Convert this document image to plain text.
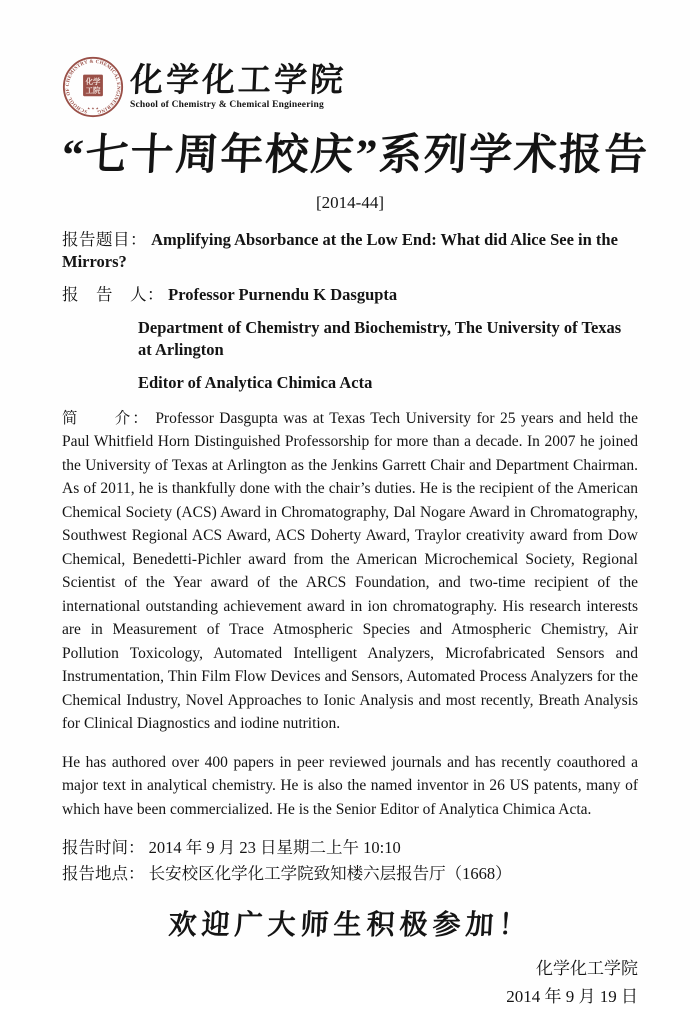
SCHOOL OF CHEMISTRY & CHEMICAL ENGINEERING
化学
工院
★ ★ ★
化学化工学院
School of Chemistry & Chemical Engineering
“七十周年校庆”系列学术报告
[2014-44]
报告题目： Amplifying Absorbance at the Low End: What did Alice See in the Mirrors?
报　告　人： Professor Purnendu K Dasgupta
Department of Chemistry and Biochemistry, The University of Texas at Arlington
Editor of Analytica Chimica Acta

简　　介： Professor Dasgupta was at Texas Tech University for 25 years and held the Paul Whitfield Horn Distinguished Professorship for more than a decade. In 2007 he joined the University of Texas at Arlington as the Jenkins Garrett Chair and Department Chairman. As of 2011, he is thankfully done with the chair’s duties. He is the recipient of the American Chemical Society (ACS) Award in Chromatography, Dal Nogare Award in Chromatography, Southwest Regional ACS Award, ACS Doherty Award, Traylor creativity award from Dow Chemical, Benedetti-Pichler award from the American Microchemical Society, Regional Scientist of the Year award of the ARCS Foundation, and two-time recipient of the international outstanding achievement award in ion chromatography. His research interests are in Measurement of Trace Atmospheric Species and Atmospheric Chemistry, Air Pollution Toxicology, Automated Intelligent Analyzers, Microfabricated Sensors and Instrumentation, Thin Film Flow Devices and Sensors, Automated Process Analyzers for the Chemical Industry, Novel Approaches to Ionic Analysis and most recently, Breath Analysis for Clinical Diagnostics and iodine nutrition.

He has authored over 400 papers in peer reviewed journals and has recently coauthored a major text in analytical chemistry. He is also the named inventor in 26 US patents, many of which have been commercialized. He is the Senior Editor of Analytica Chimica Acta.

报告时间： 2014 年 9 月 23 日星期二上午 10:10
报告地点： 长安校区化学化工学院致知楼六层报告厅（1668）
欢迎广大师生积极参加！
化学化工学院
2014 年 9 月 19 日
